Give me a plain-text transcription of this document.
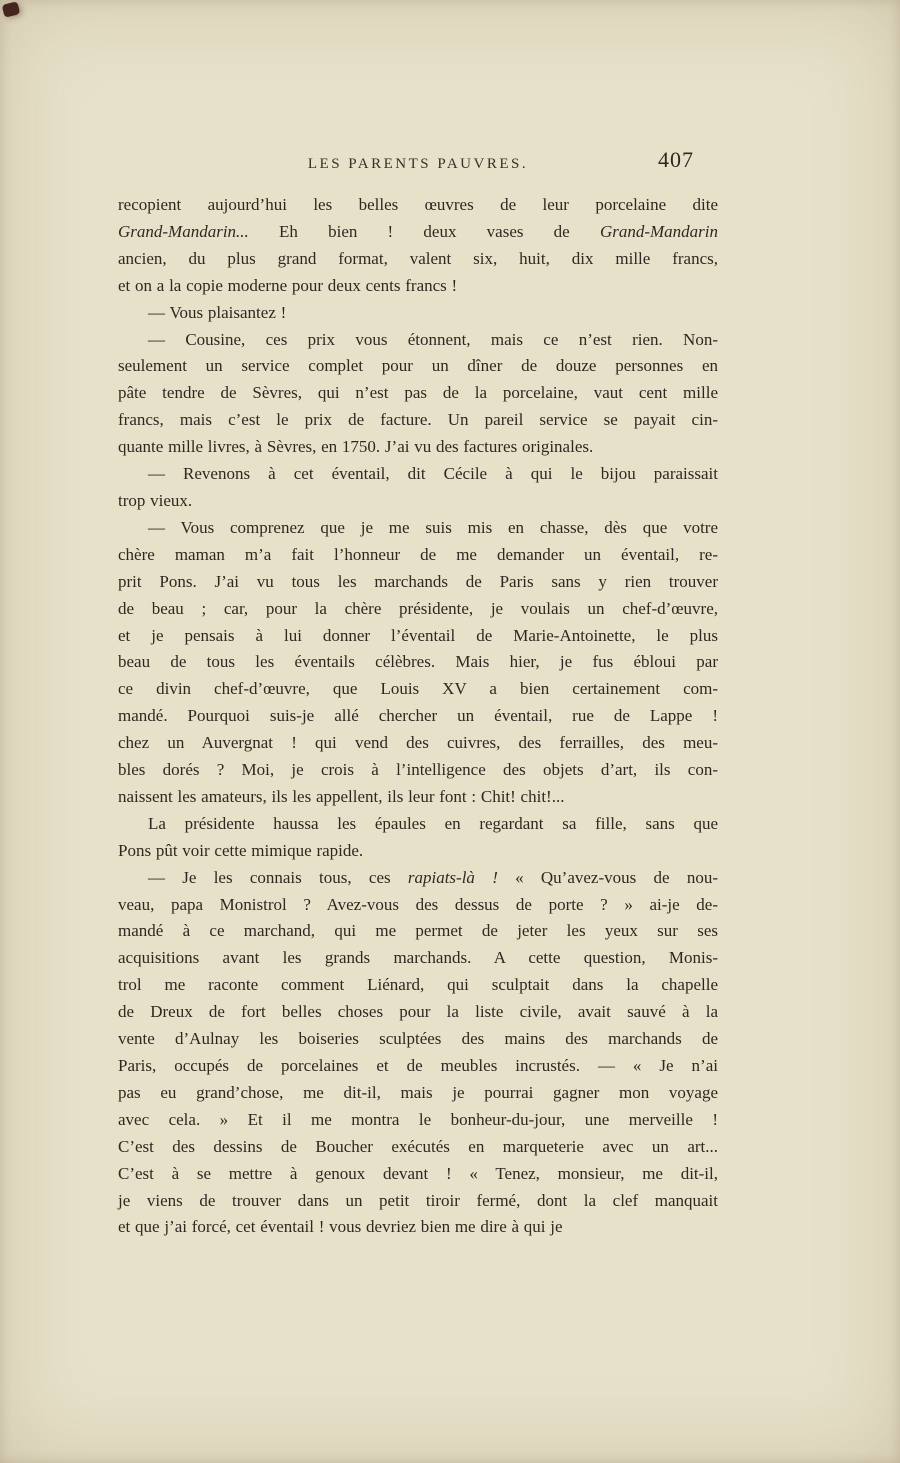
LES PARENTS PAUVRES.	407

recopient aujourd’hui les belles œuvres de leur porcelaine dite
Grand-Mandarin... Eh bien ! deux vases de Grand-Mandarin
ancien, du plus grand format, valent six, huit, dix mille francs,
et on a la copie moderne pour deux cents francs !

— Vous plaisantez !

— Cousine, ces prix vous étonnent, mais ce n’est rien. Non-
seulement un service complet pour un dîner de douze personnes en
pâte tendre de Sèvres, qui n’est pas de la porcelaine, vaut cent mille
francs, mais c’est le prix de facture. Un pareil service se payait cin-
quante mille livres, à Sèvres, en 1750. J’ai vu des factures originales.

— Revenons à cet éventail, dit Cécile à qui le bijou paraissait
trop vieux.

— Vous comprenez que je me suis mis en chasse, dès que votre
chère maman m’a fait l’honneur de me demander un éventail, re-
prit Pons. J’ai vu tous les marchands de Paris sans y rien trouver
de beau ; car, pour la chère présidente, je voulais un chef-d’œuvre,
et je pensais à lui donner l’éventail de Marie-Antoinette, le plus
beau de tous les éventails célèbres. Mais hier, je fus ébloui par
ce divin chef-d’œuvre, que Louis XV a bien certainement com-
mandé. Pourquoi suis-je allé chercher un éventail, rue de Lappe !
chez un Auvergnat ! qui vend des cuivres, des ferrailles, des meu-
bles dorés ? Moi, je crois à l’intelligence des objets d’art, ils con-
naissent les amateurs, ils les appellent, ils leur font : Chit! chit!...

La présidente haussa les épaules en regardant sa fille, sans que
Pons pût voir cette mimique rapide.

— Je les connais tous, ces rapiats-là ! « Qu’avez-vous de nou-
veau, papa Monistrol ? Avez-vous des dessus de porte ? » ai-je de-
mandé à ce marchand, qui me permet de jeter les yeux sur ses
acquisitions avant les grands marchands. A cette question, Monis-
trol me raconte comment Liénard, qui sculptait dans la chapelle
de Dreux de fort belles choses pour la liste civile, avait sauvé à la
vente d’Aulnay les boiseries sculptées des mains des marchands de
Paris, occupés de porcelaines et de meubles incrustés. — « Je n’ai
pas eu grand’chose, me dit-il, mais je pourrai gagner mon voyage
avec cela. » Et il me montra le bonheur-du-jour, une merveille !
C’est des dessins de Boucher exécutés en marqueterie avec un art...
C’est à se mettre à genoux devant ! « Tenez, monsieur, me dit-il,
je viens de trouver dans un petit tiroir fermé, dont la clef manquait
et que j’ai forcé, cet éventail ! vous devriez bien me dire à qui je
